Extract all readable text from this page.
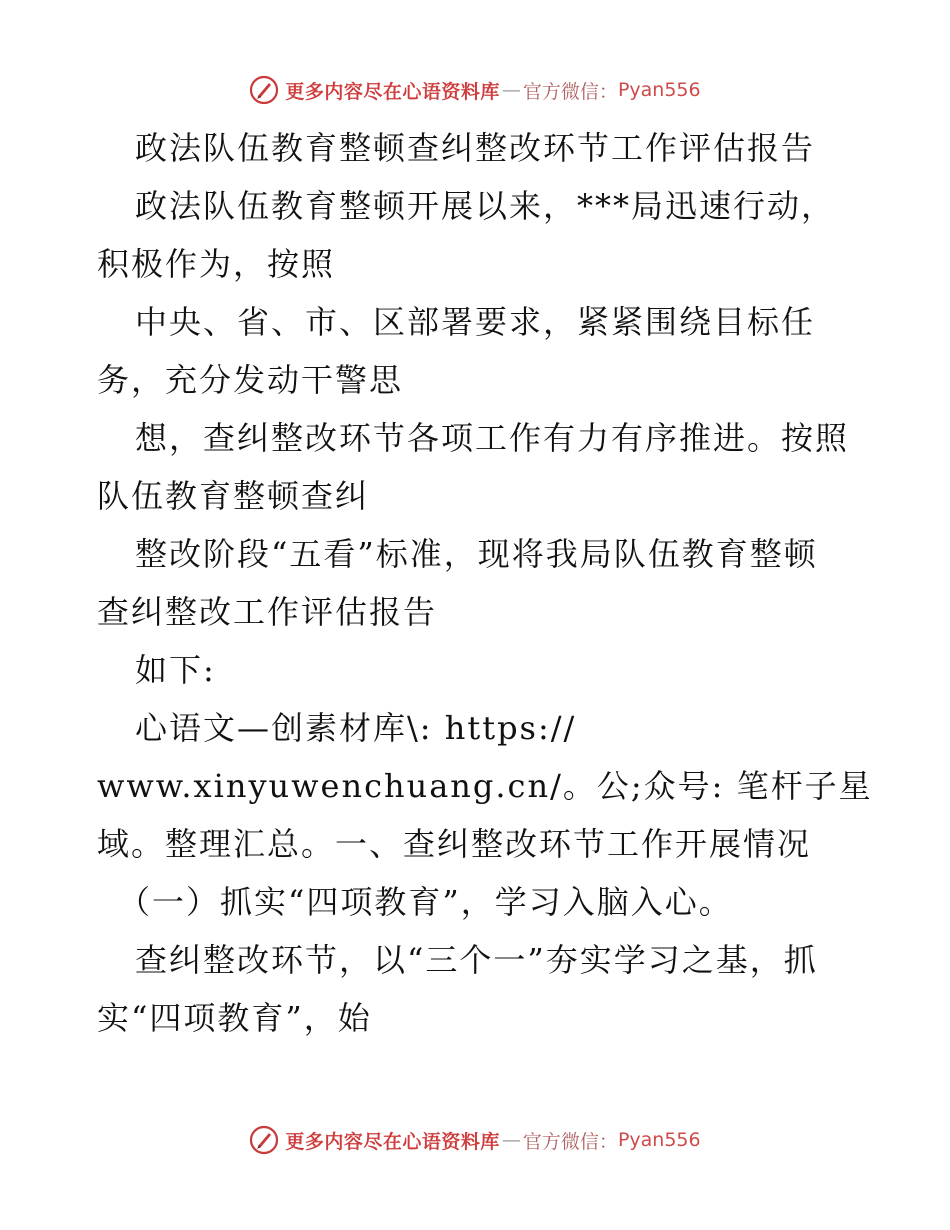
更多内容尽在心语资料库 — 官方微信： Pyan556

政法队伍教育整顿查纠整改环节工作评估报告

政法队伍教育整顿开展以来，***局迅速行动，

积极作为，按照

中央、省、市、区部署要求，紧紧围绕目标任

务，充分发动干警思

想，查纠整改环节各项工作有力有序推进。按照

队伍教育整顿查纠

整改阶段“五看”标准，现将我局队伍教育整顿

查纠整改工作评估报告

如下:

心语文—创素材库\: https://

www.xinyuwenchuang.cn/。公;众号: 笔杆子星

域。整理汇总。一、查纠整改环节工作开展情况

（一）抓实“四项教育”，学习入脑入心。

查纠整改环节，以“三个一”夯实学习之基，抓

实“四项教育”，始

更多内容尽在心语资料库 — 官方微信： Pyan556
